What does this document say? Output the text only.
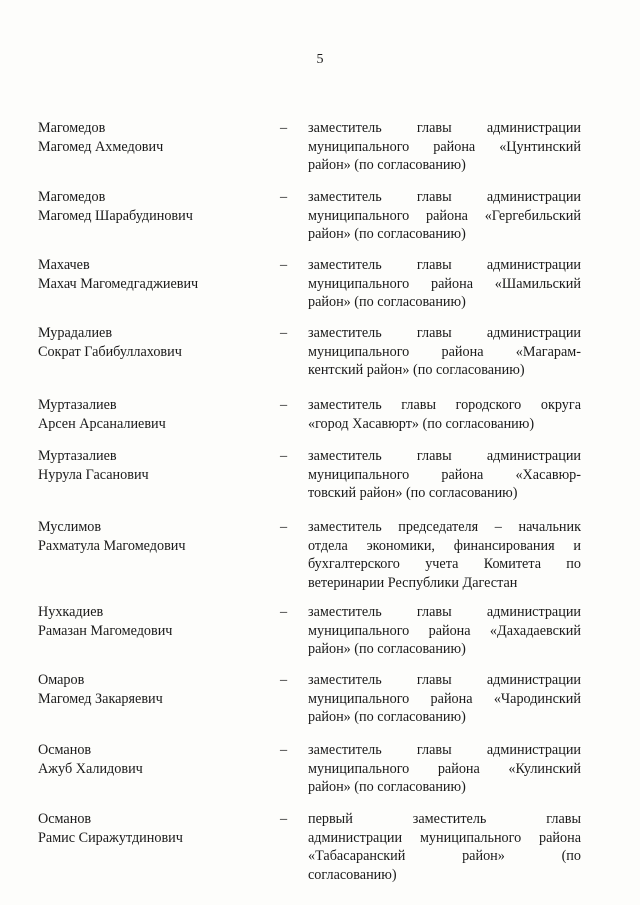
5
Магомедов
Магомед Ахмедович
– заместитель главы администрации
муниципального района «Цунтинский
район» (по согласованию)
Магомедов
Магомед Шарабудинович
– заместитель главы администрации
муниципального района «Гергебильский
район» (по согласованию)
Махачев
Махач Магомедгаджиевич
– заместитель главы администрации
муниципального района «Шамильский
район» (по согласованию)
Мурадалиев
Сократ Габибуллахович
– заместитель главы администрации
муниципального района «Магарам-
кентский район» (по согласованию)
Муртазалиев
Арсен Арсаналиевич
– заместитель главы городского округа
«город Хасавюрт» (по согласованию)
Муртазалиев
Нурула Гасанович
– заместитель главы администрации
муниципального района «Хасавюр-
товский район» (по согласованию)
Муслимов
Рахматула Магомедович
– заместитель председателя – начальник
отдела экономики, финансирования и
бухгалтерского учета Комитета по
ветеринарии Республики Дагестан
Нухкадиев
Рамазан Магомедович
– заместитель главы администрации
муниципального района «Дахадаевский
район» (по согласованию)
Омаров
Магомед Закаряевич
– заместитель главы администрации
муниципального района «Чародинский
район» (по согласованию)
Османов
Ажуб Халидович
– заместитель главы администрации
муниципального района «Кулинский
район» (по согласованию)
Османов
Рамис Сиражутдинович
– первый заместитель главы
администрации муниципального района
«Табасаранский район» (по
согласованию)
